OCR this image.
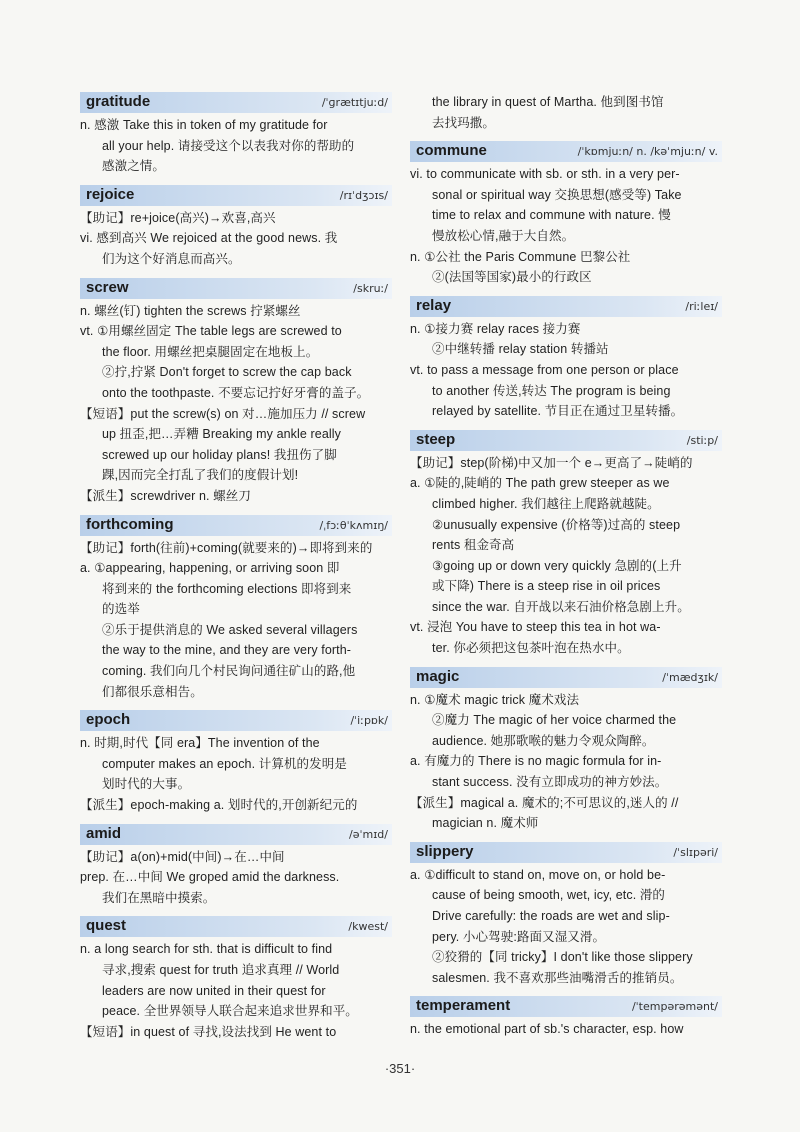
gratitude	/ˈɡrætɪtjuːd/
n. 感激 Take this in token of my gratitude for
all your help. 请接受这个以表我对你的帮助的
感激之情。
rejoice	/rɪˈdʒɔɪs/
【助记】re+joice(高兴)→欢喜,高兴
vi. 感到高兴 We rejoiced at the good news. 我
们为这个好消息而高兴。
screw	/skruː/
n. 螺丝(钉) tighten the screws 拧紧螺丝
vt. ①用螺丝固定 The table legs are screwed to
the floor. 用螺丝把桌腿固定在地板上。
②拧,拧紧 Don't forget to screw the cap back
onto the toothpaste. 不要忘记拧好牙膏的盖子。
【短语】put the screw(s) on 对…施加压力 // screw
up 扭歪,把…弄糟 Breaking my ankle really
screwed up our holiday plans! 我扭伤了脚
踝,因而完全打乱了我们的度假计划!
【派生】screwdriver n. 螺丝刀
forthcoming	/ˌfɔːθˈkʌmɪŋ/
【助记】forth(往前)+coming(就要来的)→即将到来的
a. ①appearing, happening, or arriving soon 即
将到来的 the forthcoming elections 即将到来
的选举
②乐于提供消息的 We asked several villagers
the way to the mine, and they are very forth-
coming. 我们向几个村民询问通往矿山的路,他
们都很乐意相告。
epoch	/ˈiːpɒk/
n. 时期,时代【同 era】The invention of the
computer makes an epoch. 计算机的发明是
划时代的大事。
【派生】epoch-making a. 划时代的,开创新纪元的
amid	/əˈmɪd/
【助记】a(on)+mid(中间)→在…中间
prep. 在…中间 We groped amid the darkness.
我们在黑暗中摸索。
quest	/kwest/
n. a long search for sth. that is difficult to find
寻求,搜索 quest for truth 追求真理 // World
leaders are now united in their quest for
peace. 全世界领导人联合起来追求世界和平。
【短语】in quest of 寻找,设法找到 He went to
the library in quest of Martha. 他到图书馆
去找玛撒。
commune	/ˈkɒmjuːn/ n. /kəˈmjuːn/ v.
vi. to communicate with sb. or sth. in a very per-
sonal or spiritual way 交换思想(感受等) Take
time to relax and commune with nature. 慢
慢放松心情,融于大自然。
n. ①公社 the Paris Commune 巴黎公社
②(法国等国家)最小的行政区
relay	/riːleɪ/
n. ①接力赛 relay races 接力赛
②中继转播 relay station 转播站
vt. to pass a message from one person or place
to another 传送,转达 The program is being
relayed by satellite. 节目正在通过卫星转播。
steep	/stiːp/
【助记】step(阶梯)中又加一个 e→更高了→陡峭的
a. ①陡的,陡峭的 The path grew steeper as we
climbed higher. 我们越往上爬路就越陡。
②unusually expensive (价格等)过高的 steep
rents 租金奇高
③going up or down very quickly 急剧的(上升
或下降) There is a steep rise in oil prices
since the war. 自开战以来石油价格急剧上升。
vt. 浸泡 You have to steep this tea in hot wa-
ter. 你必须把这包茶叶泡在热水中。
magic	/ˈmædʒɪk/
n. ①魔术 magic trick 魔术戏法
②魔力 The magic of her voice charmed the
audience. 她那歌喉的魅力令观众陶醉。
a. 有魔力的 There is no magic formula for in-
stant success. 没有立即成功的神方妙法。
【派生】magical a. 魔术的;不可思议的,迷人的 //
magician n. 魔术师
slippery	/ˈslɪpəri/
a. ①difficult to stand on, move on, or hold be-
cause of being smooth, wet, icy, etc. 滑的
Drive carefully: the roads are wet and slip-
pery. 小心驾驶:路面又湿又滑。
②狡猾的【同 tricky】I don't like those slippery
salesmen. 我不喜欢那些油嘴滑舌的推销员。
temperament	/ˈtempərəmənt/
n. the emotional part of sb.'s character, esp. how
·351·
